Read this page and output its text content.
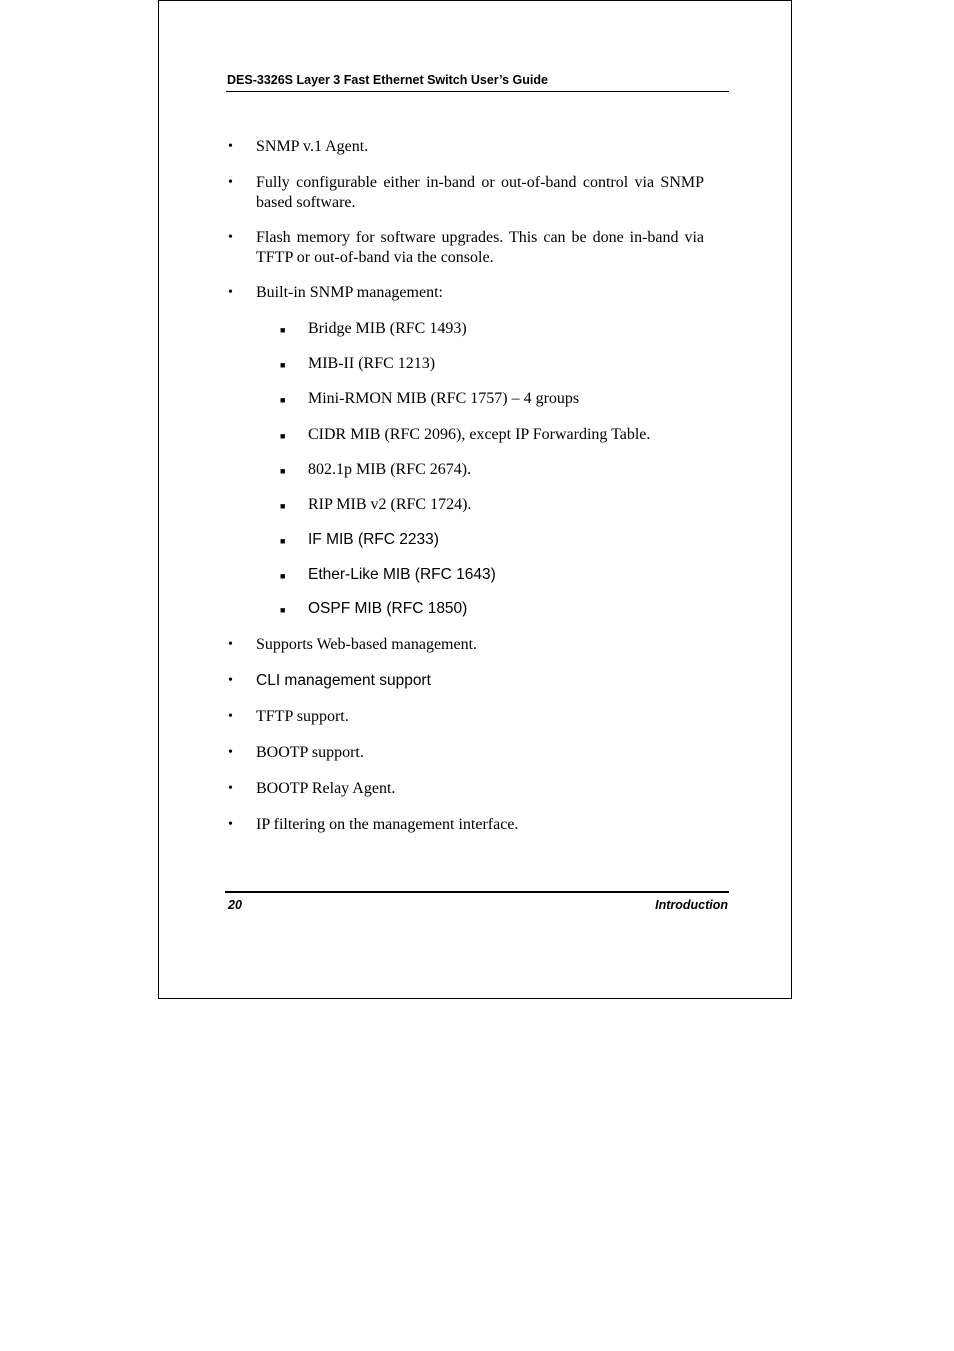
DES-3326S Layer 3 Fast Ethernet Switch User’s Guide
• SNMP v.1 Agent.
• Fully configurable either in-band or out-of-band control via SNMP based software.
• Flash memory for software upgrades. This can be done in-band via TFTP or out-of-band via the console.
• Built-in SNMP management:
■ Bridge MIB (RFC 1493)
■ MIB-II (RFC 1213)
■ Mini-RMON MIB (RFC 1757) – 4 groups
■ CIDR MIB (RFC 2096), except IP Forwarding Table.
■ 802.1p MIB (RFC 2674).
■ RIP MIB v2 (RFC 1724).
■ IF MIB (RFC 2233)
■ Ether-Like MIB (RFC 1643)
■ OSPF MIB (RFC 1850)
• Supports Web-based management.
• CLI management support
• TFTP support.
• BOOTP support.
• BOOTP Relay Agent.
• IP filtering on the management interface.
20	Introduction
